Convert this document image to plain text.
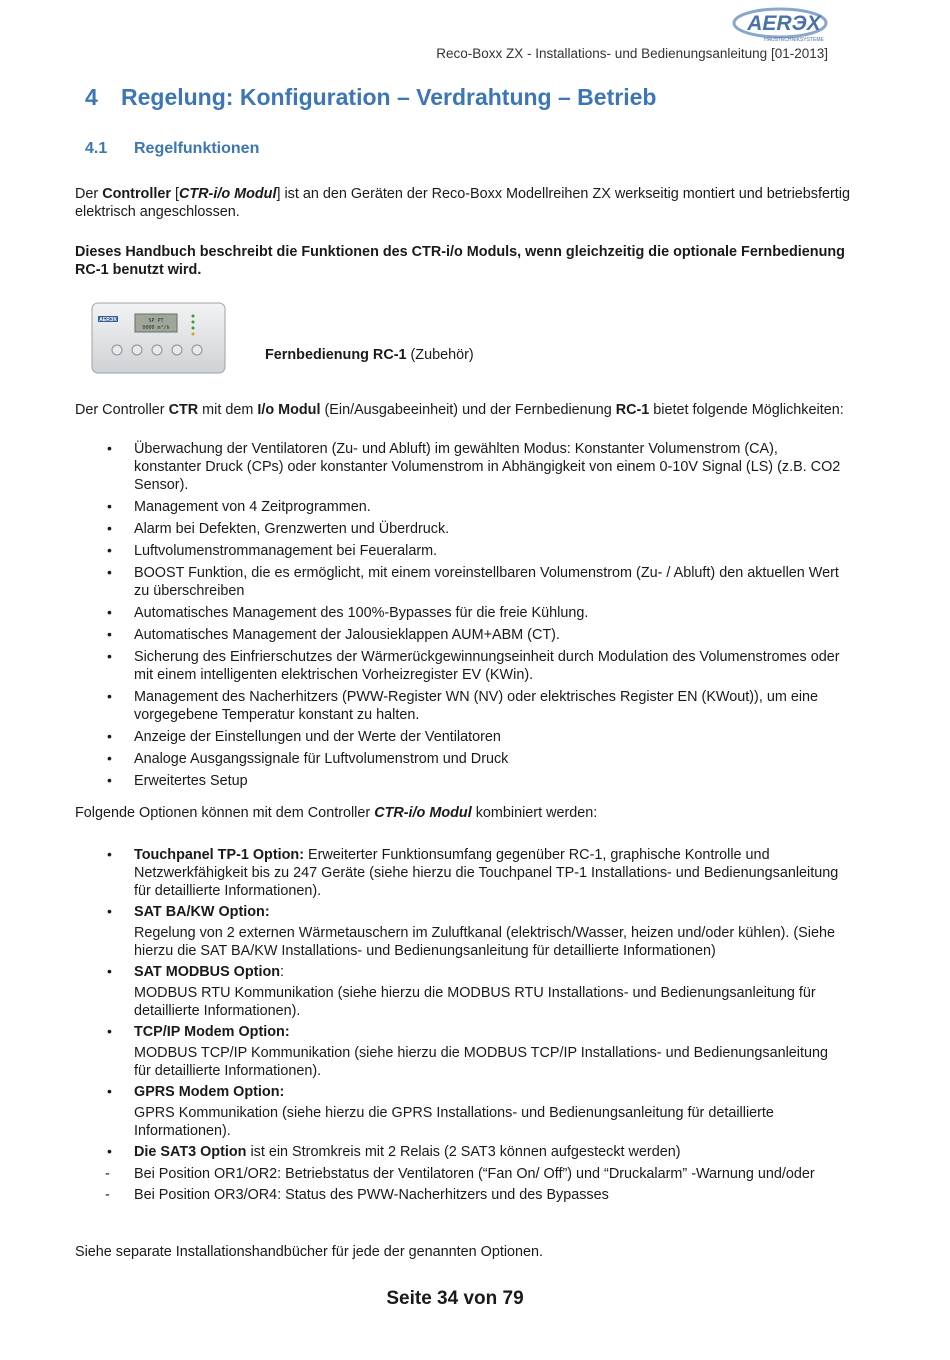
AERЭX
HAUSTECHNIKSYSTEME
Reco-Boxx ZX - Installations- und Bedienungsanleitung [01-2013]
4 Regelung: Konfiguration – Verdrahtung – Betrieb
4.1 Regelfunktionen
Der Controller [CTR-i/o Modul] ist an den Geräten der Reco-Boxx Modellreihen ZX werkseitig montiert und betriebsfertig elektrisch angeschlossen.
Dieses Handbuch beschreibt die Funktionen des CTR-i/o Moduls, wenn gleichzeitig die optionale Fernbedienung RC-1 benutzt wird.
AERЭX	SP PT
0000 m³/h
Fernbedienung RC-1 (Zubehör)
Der Controller CTR mit dem I/o Modul (Ein/Ausgabeeinheit) und der Fernbedienung RC-1 bietet folgende Möglichkeiten:
• Überwachung der Ventilatoren (Zu- und Abluft) im gewählten Modus: Konstanter Volumenstrom (CA), konstanter Druck (CPs) oder konstanter Volumenstrom in Abhängigkeit von einem 0-10V Signal (LS) (z.B. CO2 Sensor).
• Management von 4 Zeitprogrammen.
• Alarm bei Defekten, Grenzwerten und Überdruck.
• Luftvolumenstrommanagement bei Feueralarm.
• BOOST Funktion, die es ermöglicht, mit einem voreinstellbaren Volumenstrom (Zu- / Abluft) den aktuellen Wert zu überschreiben
• Automatisches Management des 100%-Bypasses für die freie Kühlung.
• Automatisches Management der Jalousieklappen AUM+ABM (CT).
• Sicherung des Einfrierschutzes der Wärmerückgewinnungseinheit durch Modulation des Volumenstromes oder mit einem intelligenten elektrischen Vorheizregister EV (KWin).
• Management des Nacherhitzers (PWW-Register WN (NV) oder elektrisches Register EN (KWout)), um eine vorgegebene Temperatur konstant zu halten.
• Anzeige der Einstellungen und der Werte der Ventilatoren
• Analoge Ausgangssignale für Luftvolumenstrom und Druck
• Erweitertes Setup
Folgende Optionen können mit dem Controller CTR-i/o Modul kombiniert werden:
• Touchpanel TP-1 Option: Erweiterter Funktionsumfang gegenüber RC-1, graphische Kontrolle und Netzwerkfähigkeit bis zu 247 Geräte (siehe hierzu die Touchpanel TP-1 Installations- und Bedienungsanleitung für detaillierte Informationen).
• SAT BA/KW Option:
Regelung von 2 externen Wärmetauschern im Zuluftkanal (elektrisch/Wasser, heizen und/oder kühlen). (Siehe hierzu die SAT BA/KW Installations- und Bedienungsanleitung für detaillierte Informationen)
• SAT MODBUS Option:
MODBUS RTU Kommunikation (siehe hierzu die MODBUS RTU Installations- und Bedienungsanleitung für detaillierte Informationen).
• TCP/IP Modem Option:
MODBUS TCP/IP Kommunikation (siehe hierzu die MODBUS TCP/IP Installations- und Bedienungsanleitung für detaillierte Informationen).
• GPRS Modem Option:
GPRS Kommunikation (siehe hierzu die GPRS Installations- und Bedienungsanleitung für detaillierte Informationen).
• Die SAT3 Option ist ein Stromkreis mit 2 Relais (2 SAT3 können aufgesteckt werden)
- Bei Position OR1/OR2: Betriebstatus der Ventilatoren (“Fan On/ Off”) und “Druckalarm” -Warnung und/oder
- Bei Position OR3/OR4: Status des PWW-Nacherhitzers und des Bypasses
Siehe separate Installationshandbücher für jede der genannten Optionen.
Seite 34 von 79
